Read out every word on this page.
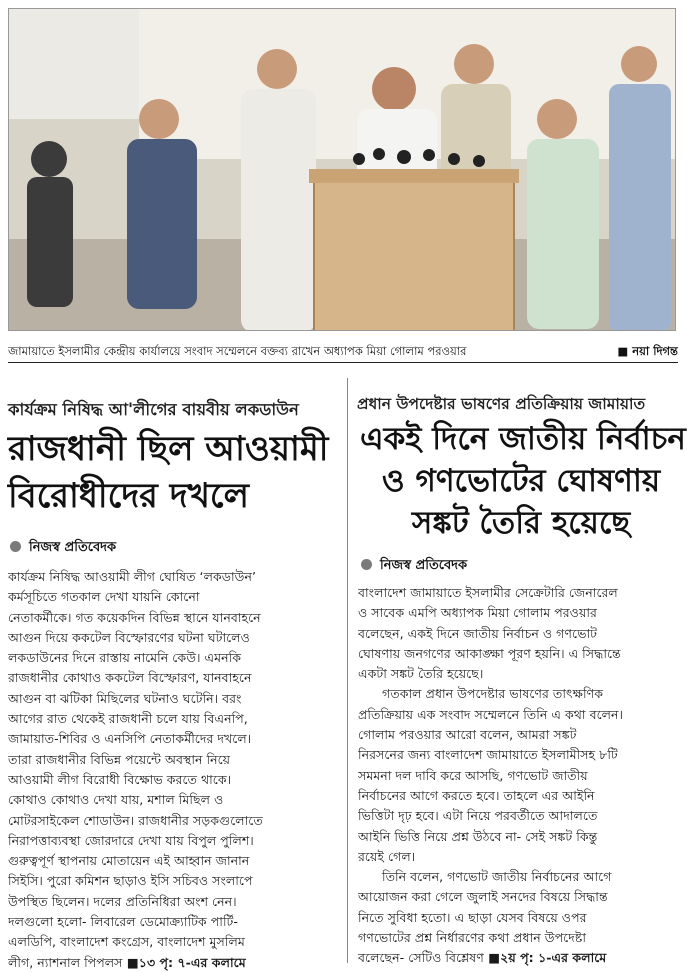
জামায়াতে ইসলামীর কেন্দ্রীয় কার্যালয়ে সংবাদ সম্মেলনে বক্তব্য রাখেন অধ্যাপক মিয়া গোলাম পরওয়ার	■ নয়া দিগন্ত
কার্যক্রম নিষিদ্ধ আ'লীগের বায়বীয় লকডাউন
রাজধানী ছিল আওয়ামী
বিরোধীদের দখলে
নিজস্ব প্রতিবেদক
কার্যক্রম নিষিদ্ধ আওয়ামী লীগ ঘোষিত ‘লকডাউন’
কর্মসূচিতে গতকাল দেখা যায়নি কোনো
নেতাকর্মীকে। গত কয়েকদিন বিভিন্ন স্থানে যানবাহনে
আগুন দিয়ে ককটেল বিস্ফোরণের ঘটনা ঘটালেও
লকডাউনের দিনে রাস্তায় নামেনি কেউ। এমনকি
রাজধানীর কোথাও ককটেল বিস্ফোরণ, যানবাহনে
আগুন বা ঝটিকা মিছিলের ঘটনাও ঘটেনি। বরং
আগের রাত থেকেই রাজধানী চলে যায় বিএনপি,
জামায়াত-শিবির ও এনসিপি নেতাকর্মীদের দখলে।
তারা রাজধানীর বিভিন্ন পয়েন্টে অবস্থান নিয়ে
আওয়ামী লীগ বিরোধী বিক্ষোভ করতে থাকে।
কোথাও কোথাও দেখা যায়, মশাল মিছিল ও
মোটরসাইকেল শোডাউন। রাজধানীর সড়কগুলোতে
নিরাপত্তাব্যবস্থা জোরদারে দেখা যায় বিপুল পুলিশ।
গুরুত্বপূর্ণ স্থাপনায় মোতায়েন এই আহ্বান জানান
সিইসি। পুরো কমিশন ছাড়াও ইসি সচিবও সংলাপে
উপস্থিত ছিলেন। দলের প্রতিনিধিরা অংশ নেন।
দলগুলো হলো- লিবারেল ডেমোক্র্যাটিক পার্টি-
এলডিপি, বাংলাদেশ কংগ্রেস, বাংলাদেশ মুসলিম
লীগ, ন্যাশনাল পিপলস ■১৩ পৃ: ৭-এর কলামে
প্রধান উপদেষ্টার ভাষণের প্রতিক্রিয়ায় জামায়াত
একই দিনে জাতীয় নির্বাচন
ও গণভোটের ঘোষণায়
সঙ্কট তৈরি হয়েছে
নিজস্ব প্রতিবেদক
বাংলাদেশ জামায়াতে ইসলামীর সেক্রেটারি জেনারেল
ও সাবেক এমপি অধ্যাপক মিয়া গোলাম পরওয়ার
বলেছেন, একই দিনে জাতীয় নির্বাচন ও গণভোট
ঘোষণায় জনগণের আকাঙ্ক্ষা পূরণ হয়নি। এ সিদ্ধান্তে
একটা সঙ্কট তৈরি হয়েছে।
গতকাল প্রধান উপদেষ্টার ভাষণের তাৎক্ষণিক
প্রতিক্রিয়ায় এক সংবাদ সম্মেলনে তিনি এ কথা বলেন।
গোলাম পরওয়ার আরো বলেন, আমরা সঙ্কট
নিরসনের জন্য বাংলাদেশ জামায়াতে ইসলামীসহ ৮টি
সমমনা দল দাবি করে আসছি, গণভোট জাতীয়
নির্বাচনের আগে করতে হবে। তাহলে এর আইনি
ভিত্তিটা দৃঢ় হবে। এটা নিয়ে পরবর্তীতে আদালতে
আইনি ভিত্তি নিয়ে প্রশ্ন উঠবে না- সেই সঙ্কট কিন্তু
রয়েই গেল।
তিনি বলেন, গণভোট জাতীয় নির্বাচনের আগে
আয়োজন করা গেলে জুলাই সনদের বিষয়ে সিদ্ধান্ত
নিতে সুবিধা হতো। এ ছাড়া যেসব বিষয়ে ওপর
গণভোটের প্রশ্ন নির্ধারণের কথা প্রধান উপদেষ্টা
বলেছেন- সেটিও বিশ্লেষণ ■২য় পৃ: ১-এর কলামে
